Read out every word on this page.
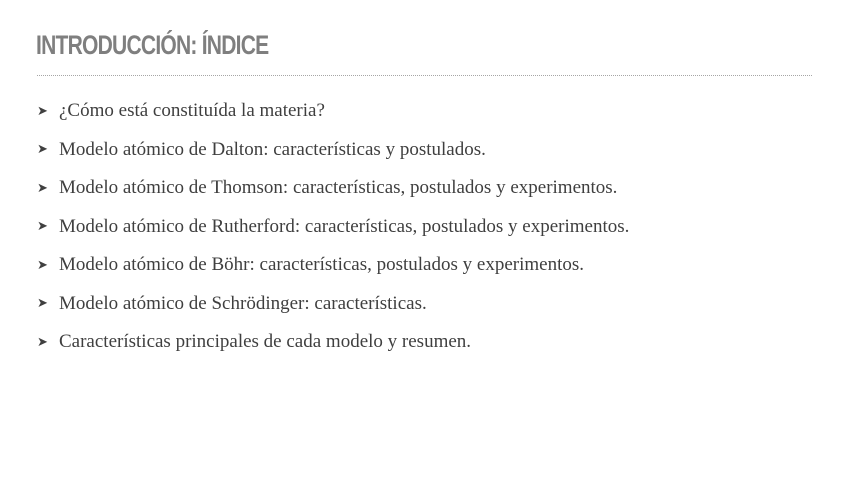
INTRODUCCIÓN: ÍNDICE
➤ ¿Cómo está constituída la materia?
➤ Modelo atómico de Dalton: características y postulados.
➤ Modelo atómico de Thomson: características, postulados y experimentos.
➤ Modelo atómico de Rutherford: características, postulados y experimentos.
➤ Modelo atómico de Böhr: características, postulados y experimentos.
➤ Modelo atómico de Schrödinger: características.
➤ Características principales de cada modelo y resumen.
